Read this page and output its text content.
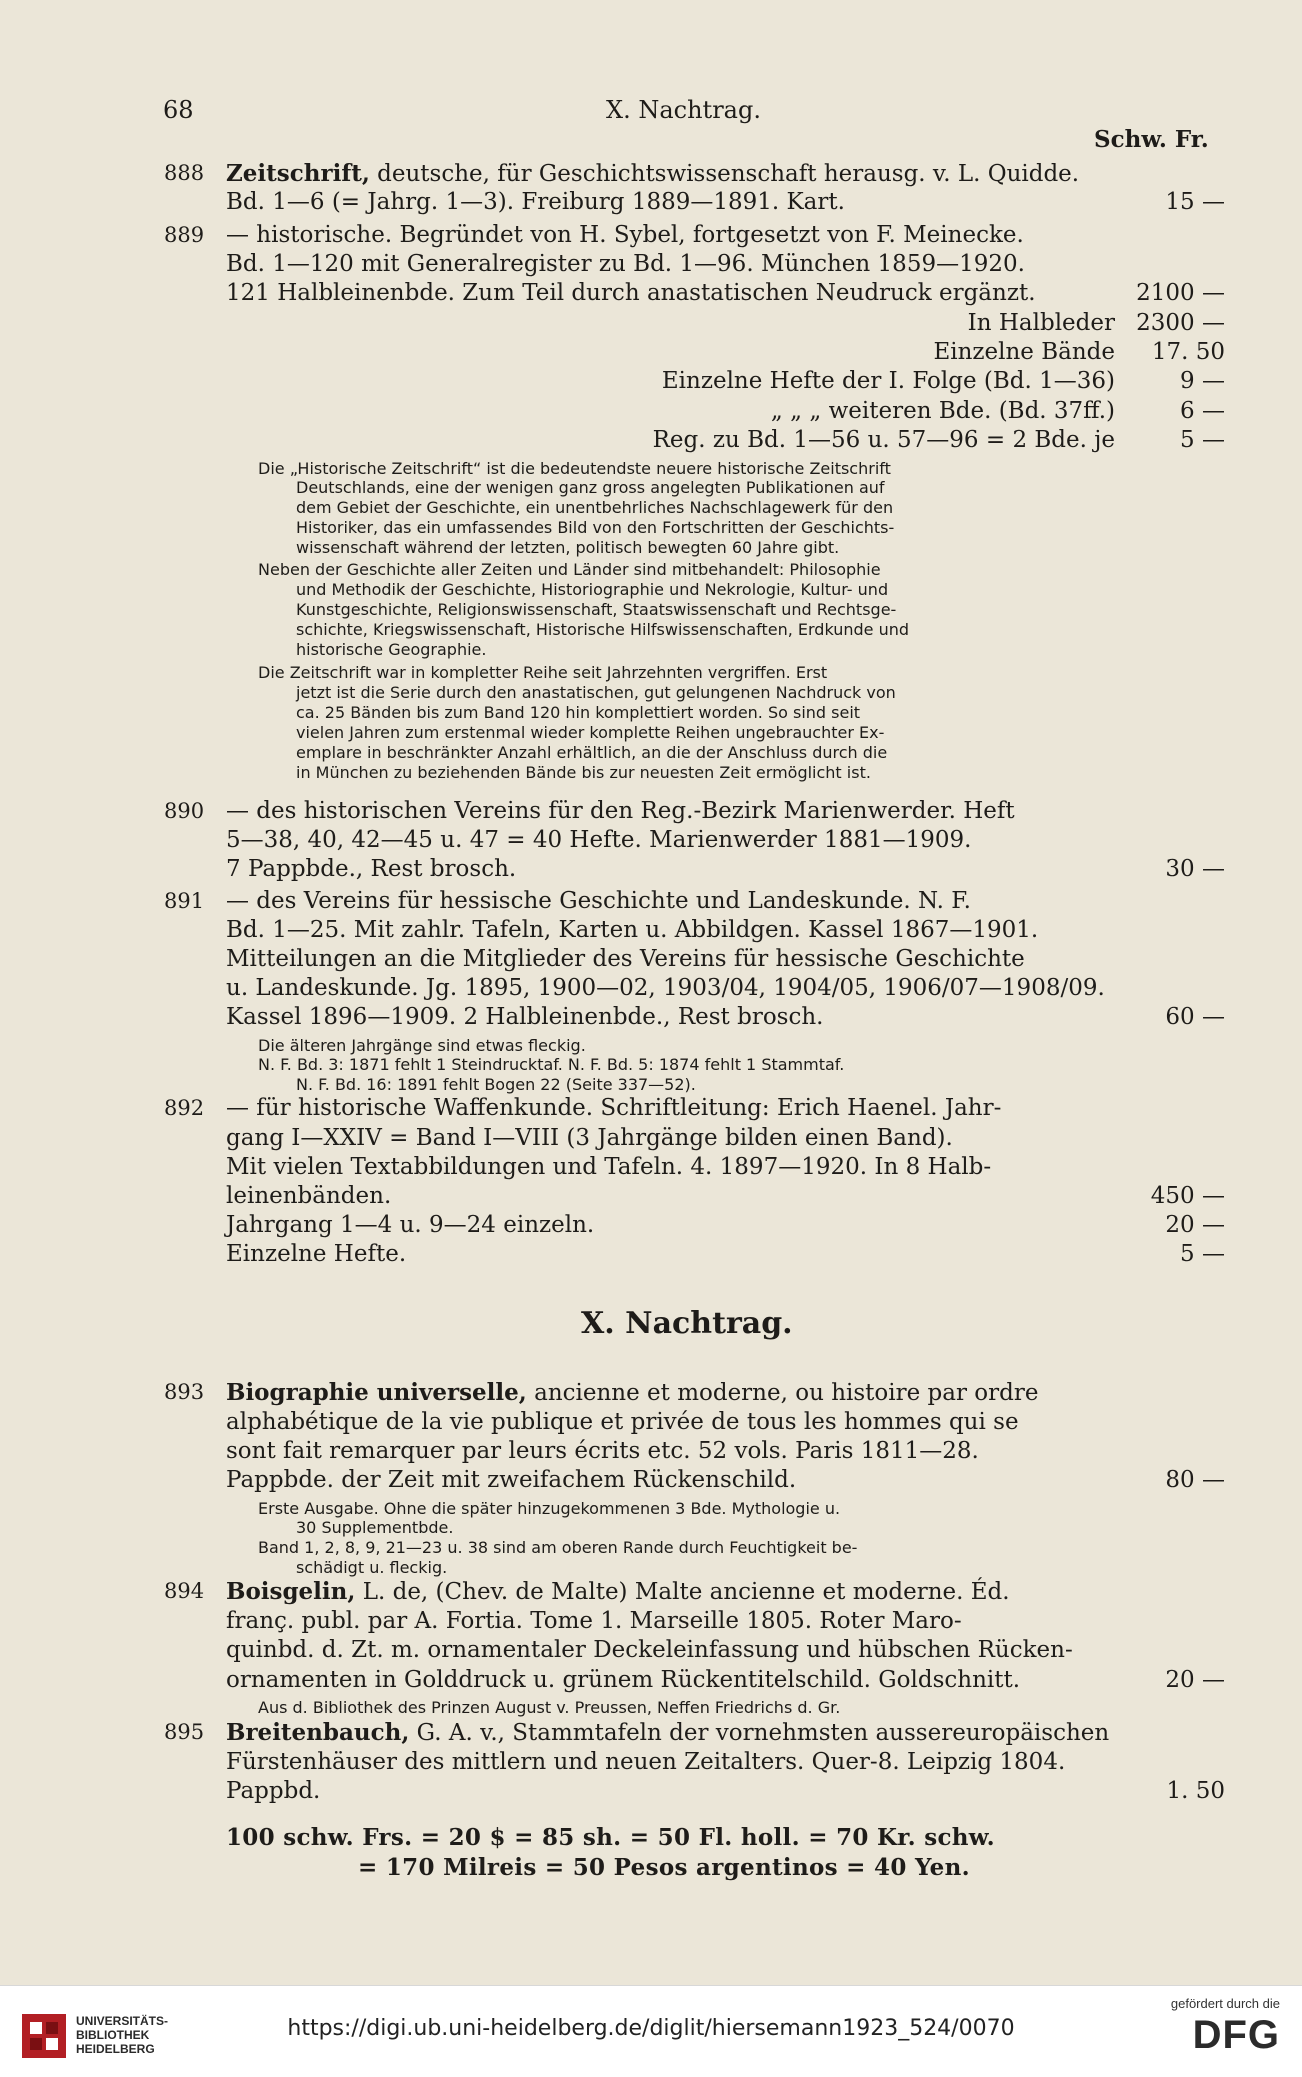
68	X. Nachtrag.
Schw. Fr.
888 Zeitschrift, deutsche, für Geschichtswissenschaft herausg. v. L. Quidde.
Bd. 1—6 (= Jahrg. 1—3). Freiburg 1889—1891. Kart.	15 —
889 — historische. Begründet von H. Sybel, fortgesetzt von F. Meinecke.
Bd. 1—120 mit Generalregister zu Bd. 1—96. München 1859—1920.
121 Halbleinenbde. Zum Teil durch anastatischen Neudruck ergänzt.	2100 —
In Halbleder 2300 —
Einzelne Bände	17. 50
Einzelne Hefte der I. Folge (Bd. 1—36)	9 —
„ „ „ weiteren Bde. (Bd. 37ff.)	6 —
Reg. zu Bd. 1—56 u. 57—96 = 2 Bde. je	5 —
Die „Historische Zeitschrift“ ist die bedeutendste neuere historische Zeitschrift
Deutschlands, eine der wenigen ganz gross angelegten Publikationen auf
dem Gebiet der Geschichte, ein unentbehrliches Nachschlagewerk für den
Historiker, das ein umfassendes Bild von den Fortschritten der Geschichts-
wissenschaft während der letzten, politisch bewegten 60 Jahre gibt.
Neben der Geschichte aller Zeiten und Länder sind mitbehandelt: Philosophie
und Methodik der Geschichte, Historiographie und Nekrologie, Kultur- und
Kunstgeschichte, Religionswissenschaft, Staatswissenschaft und Rechtsge-
schichte, Kriegswissenschaft, Historische Hilfswissenschaften, Erdkunde und
historische Geographie.
Die Zeitschrift war in kompletter Reihe seit Jahrzehnten vergriffen. Erst
jetzt ist die Serie durch den anastatischen, gut gelungenen Nachdruck von
ca. 25 Bänden bis zum Band 120 hin komplettiert worden. So sind seit
vielen Jahren zum erstenmal wieder komplette Reihen ungebrauchter Ex-
emplare in beschränkter Anzahl erhältlich, an die der Anschluss durch die
in München zu beziehenden Bände bis zur neuesten Zeit ermöglicht ist.
890 — des historischen Vereins für den Reg.-Bezirk Marienwerder. Heft
5—38, 40, 42—45 u. 47 = 40 Hefte. Marienwerder 1881—1909.
7 Pappbde., Rest brosch.	30 —
891 — des Vereins für hessische Geschichte und Landeskunde. N. F.
Bd. 1—25. Mit zahlr. Tafeln, Karten u. Abbildgen. Kassel 1867—1901.
Mitteilungen an die Mitglieder des Vereins für hessische Geschichte
u. Landeskunde. Jg. 1895, 1900—02, 1903/04, 1904/05, 1906/07—1908/09.
Kassel 1896—1909. 2 Halbleinenbde., Rest brosch.	60 —
Die älteren Jahrgänge sind etwas fleckig.
N. F. Bd. 3: 1871 fehlt 1 Steindrucktaf. N. F. Bd. 5: 1874 fehlt 1 Stammtaf.
N. F. Bd. 16: 1891 fehlt Bogen 22 (Seite 337—52).
892 — für historische Waffenkunde. Schriftleitung: Erich Haenel. Jahr-
gang I—XXIV = Band I—VIII (3 Jahrgänge bilden einen Band).
Mit vielen Textabbildungen und Tafeln. 4. 1897—1920. In 8 Halb-
leinenbänden.	450 —
Jahrgang 1—4 u. 9—24 einzeln.	20 —
Einzelne Hefte.	5 —
X. Nachtrag.
893 Biographie universelle, ancienne et moderne, ou histoire par ordre
alphabétique de la vie publique et privée de tous les hommes qui se
sont fait remarquer par leurs écrits etc. 52 vols. Paris 1811—28.
Pappbde. der Zeit mit zweifachem Rückenschild.	80 —
Erste Ausgabe. Ohne die später hinzugekommenen 3 Bde. Mythologie u.
30 Supplementbde.
Band 1, 2, 8, 9, 21—23 u. 38 sind am oberen Rande durch Feuchtigkeit be-
schädigt u. fleckig.
894 Boisgelin, L. de, (Chev. de Malte) Malte ancienne et moderne. Éd.
franç. publ. par A. Fortia. Tome 1. Marseille 1805. Roter Maro-
quinbd. d. Zt. m. ornamentaler Deckeleinfassung und hübschen Rücken-
ornamenten in Golddruck u. grünem Rückentitelschild. Goldschnitt.	20 —
Aus d. Bibliothek des Prinzen August v. Preussen, Neffen Friedrichs d. Gr.
895 Breitenbauch, G. A. v., Stammtafeln der vornehmsten aussereuropäischen
Fürstenhäuser des mittlern und neuen Zeitalters. Quer-8. Leipzig 1804.
Pappbd.	1. 50
100 schw. Frs. = 20 $ = 85 sh. = 50 Fl. holl. = 70 Kr. schw.
= 170 Milreis = 50 Pesos argentinos = 40 Yen.
UNIVERSITÄTS-
BIBLIOTHEK
HEIDELBERG
https://digi.ub.uni-heidelberg.de/diglit/hiersemann1923_524/0070
gefördert durch die
DFG
